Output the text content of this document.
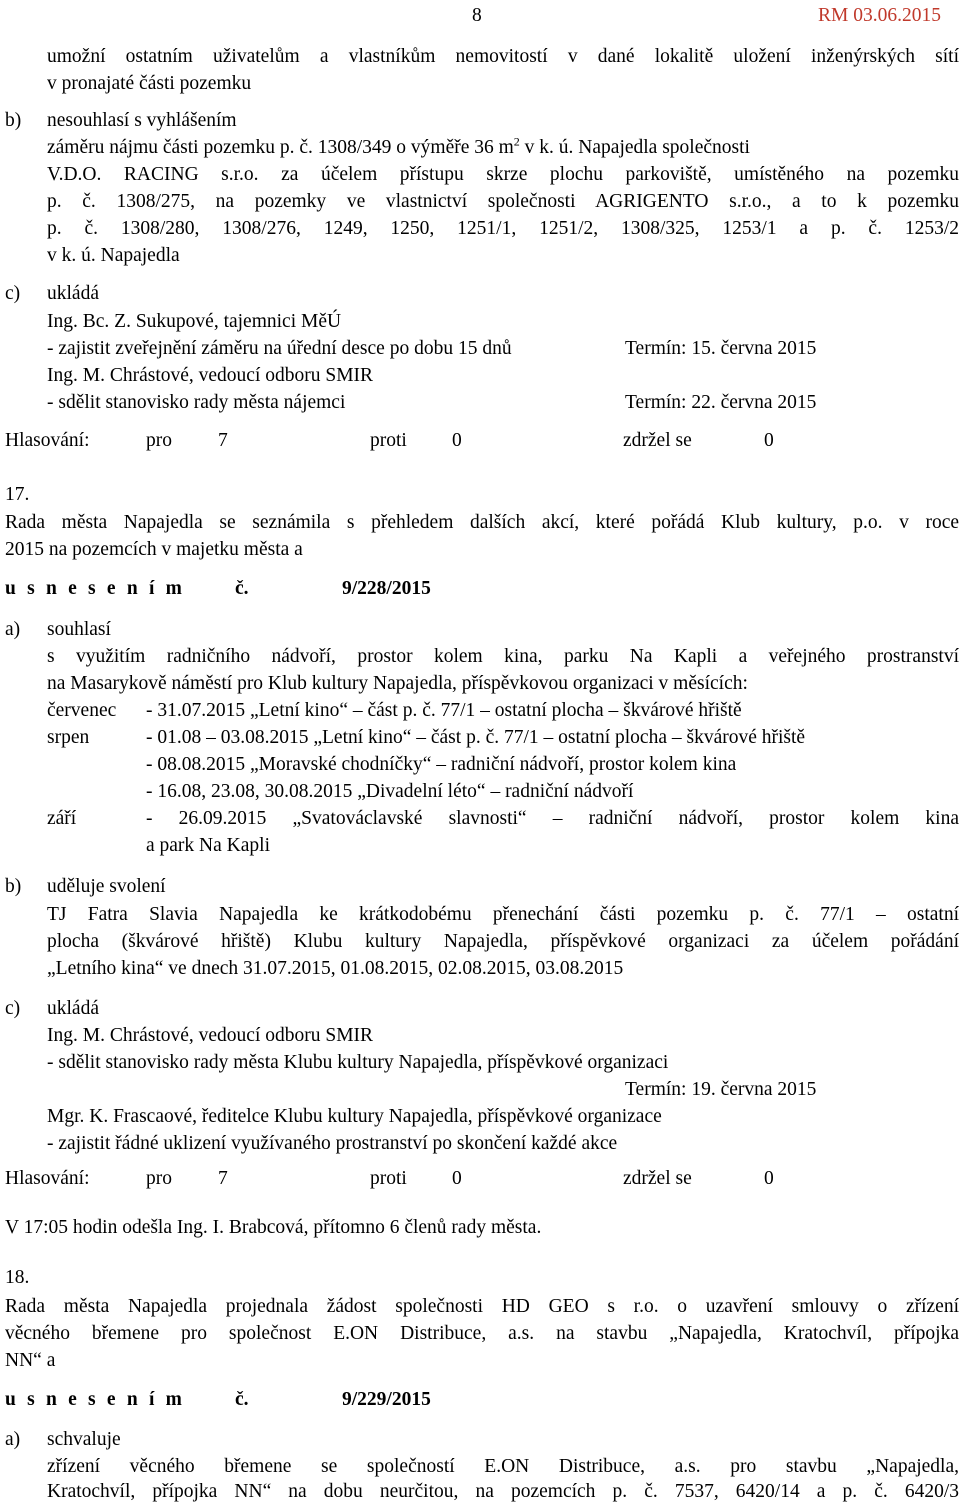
8	RM 03.06.2015
umožní ostatním uživatelům a vlastníkům nemovitostí v dané lokalitě uložení inženýrských sítí
v pronajaté části pozemku
b) nesouhlasí s vyhlášením
záměru nájmu části pozemku p. č. 1308/349 o výměře 36 $m^2$ v k. ú. Napajedla společnosti
V.D.O. RACING s.r.o. za účelem přístupu skrze plochu parkoviště, umístěného na pozemku
p. č. 1308/275, na pozemky ve vlastnictví společnosti AGRIGENTO s.r.o., a to k pozemku
p. č. 1308/280, 1308/276, 1249, 1250, 1251/1, 1251/2, 1308/325, 1253/1 a p. č. 1253/2
v k. ú. Napajedla
c) ukládá
Ing. Bc. Z. Sukupové, tajemnici MěÚ
- zajistit zveřejnění záměru na úřední desce po dobu 15 dnů	Termín: 15. června 2015
Ing. M. Chrástové, vedoucí odboru SMIR
- sdělit stanovisko rady města nájemci	Termín: 22. června 2015
Hlasování:	pro 7	proti 0	zdržel se	0
17.
Rada města Napajedla se seznámila s přehledem dalších akcí, které pořádá Klub kultury, p.o. v roce
2015 na pozemcích v majetku města a
u s n e s e n í m	č.	9/228/2015
a) souhlasí
s využitím radničního nádvoří, prostor kolem kina, parku Na Kapli a veřejného prostranství
na Masarykově náměstí pro Klub kultury Napajedla, příspěvkovou organizaci v měsících:
červenec - 31.07.2015 „Letní kino“ – část p. č. 77/1 – ostatní plocha – škvárové hřiště
srpen	- 01.08 – 03.08.2015 „Letní kino“ – část p. č. 77/1 – ostatní plocha – škvárové hřiště
- 08.08.2015 „Moravské chodníčky“ – radniční nádvoří, prostor kolem kina
- 16.08, 23.08, 30.08.2015 „Divadelní léto“ – radniční nádvoří
září	- 26.09.2015 „Svatováclavské slavnosti“ – radniční nádvoří, prostor kolem kina
a park Na Kapli
b) uděluje svolení
TJ Fatra Slavia Napajedla ke krátkodobému přenechání části pozemku p. č. 77/1 – ostatní
plocha (škvárové hřiště) Klubu kultury Napajedla, příspěvkové organizaci za účelem pořádání
„Letního kina“ ve dnech 31.07.2015, 01.08.2015, 02.08.2015, 03.08.2015
c) ukládá
Ing. M. Chrástové, vedoucí odboru SMIR
- sdělit stanovisko rady města Klubu kultury Napajedla, příspěvkové organizaci
Termín: 19. června 2015
Mgr. K. Frascaové, ředitelce Klubu kultury Napajedla, příspěvkové organizace
- zajistit řádné uklizení využívaného prostranství po skončení každé akce
Hlasování:	pro 7	proti 0	zdržel se	0
V 17:05 hodin odešla Ing. I. Brabcová, přítomno 6 členů rady města.
18.
Rada města Napajedla projednala žádost společnosti HD GEO s r.o. o uzavření smlouvy o zřízení
věcného břemene pro společnost E.ON Distribuce, a.s. na stavbu „Napajedla, Kratochvíl, přípojka
NN“ a
u s n e s e n í m	č.	9/229/2015
a) schvaluje
zřízení věcného břemene se společností E.ON Distribuce, a.s. pro stavbu „Napajedla,
Kratochvíl, přípojka NN“ na dobu neurčitou, na pozemcích p. č. 7537, 6420/14 a p. č. 6420/3
